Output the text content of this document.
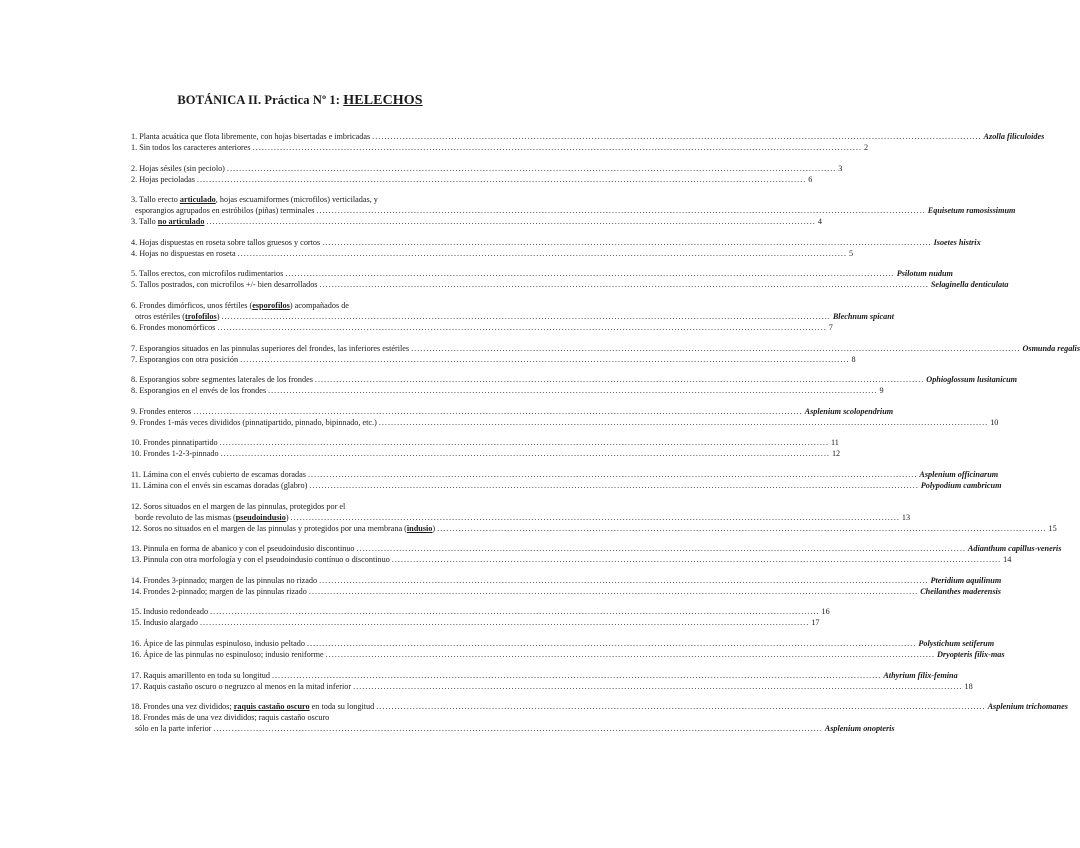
BOTÁNICA II. Práctica Nº 1: HELECHOS
1. Planta acuática que flota libremente, con hojas bisertadas e imbricadas ........................................................................................................................................................................................................ Azolla filiculoides
1. Sin todos los caracteres anteriores ........................................................................................................................................................................................................ 2
2. Hojas sésiles (sin peciolo) ........................................................................................................................................................................................................ 3
2. Hojas pecioladas ........................................................................................................................................................................................................ 6
3. Tallo erecto articulado, hojas escuamiformes (microfilos) verticiladas, y
esporangios agrupados en estróbilos (piñas) terminales ........................................................................................................................................................................................................ Equisetum ramosissimum
3. Tallo no articulado ........................................................................................................................................................................................................ 4
4. Hojas dispuestas en roseta sobre tallos gruesos y cortos ........................................................................................................................................................................................................ Isoetes histrix
4. Hojas no dispuestas en roseta ........................................................................................................................................................................................................ 5
5. Tallos erectos, con microfilos rudimentarios ........................................................................................................................................................................................................ Psilotum nudum
5. Tallos postrados, con microfilos +/- bien desarrollados ........................................................................................................................................................................................................ Selaginella denticulata
6. Frondes dimórficos, unos fértiles (esporofilos) acompañados de
otros estériles (trofofilos) ........................................................................................................................................................................................................ Blechnum spicant
6. Frondes monomórficos ........................................................................................................................................................................................................ 7
7. Esporangios situados en las pinnulas superiores del frondes, las inferiores estériles ........................................................................................................................................................................................................ Osmunda regalis
7. Esporangios con otra posición ........................................................................................................................................................................................................ 8
8. Esporangios sobre segmentes laterales de los frondes ........................................................................................................................................................................................................ Ophioglossum lusitanicum
8. Esporangios en el envés de los frondes ........................................................................................................................................................................................................ 9
9. Frondes enteros ........................................................................................................................................................................................................ Asplenium scolopendrium
9. Frondes 1-más veces divididos (pinnatipartido, pinnado, bipinnado, etc.) ........................................................................................................................................................................................................ 10
10. Frondes pinnatipartido ........................................................................................................................................................................................................ 11
10. Frondes 1-2-3-pinnado ........................................................................................................................................................................................................ 12
11. Lámina con el envés cubierto de escamas doradas ........................................................................................................................................................................................................ Asplenium officinarum
11. Lámina con el envés sin escamas doradas (glabro) ........................................................................................................................................................................................................ Polypodium cambricum
12. Soros situados en el margen de las pinnulas, protegidos por el
borde revoluto de las mismas (pseudoindusio) ........................................................................................................................................................................................................ 13
12. Soros no situados en el margen de las pinnulas y protegidos por una membrana (indusio) ........................................................................................................................................................................................................ 15
13. Pinnula en forma de abanico y con el pseudoindusio discontinuo ........................................................................................................................................................................................................ Adianthum capillus-veneris
13. Pinnula con otra morfología y con el pseudoindusio contínuo o discontinuo ........................................................................................................................................................................................................ 14
14. Frondes 3-pinnado; margen de las pinnulas no rizado ........................................................................................................................................................................................................ Pteridium aquilinum
14. Frondes 2-pinnado; margen de las pinnulas rizado ........................................................................................................................................................................................................ Cheilanthes maderensis
15. Indusio redondeado ........................................................................................................................................................................................................ 16
15. Indusio alargado ........................................................................................................................................................................................................ 17
16. Ápice de las pinnulas espinuloso, indusio peltado ........................................................................................................................................................................................................ Polystichum setiferum
16. Ápice de las pinnulas no espinuloso; indusio reniforme ........................................................................................................................................................................................................ Dryopteris filix-mas
17. Raquis amarillento en toda su longitud ........................................................................................................................................................................................................ Athyrium filix-femina
17. Raquis castaño oscuro o negruzco al menos en la mitad inferior ........................................................................................................................................................................................................ 18
18. Frondes una vez divididos; raquis castaño oscuro en toda su longitud ........................................................................................................................................................................................................ Asplenium trichomanes
18. Frondes más de una vez divididos; raquis castaño oscuro
sólo en la parte inferior ........................................................................................................................................................................................................ Asplenium onopteris
